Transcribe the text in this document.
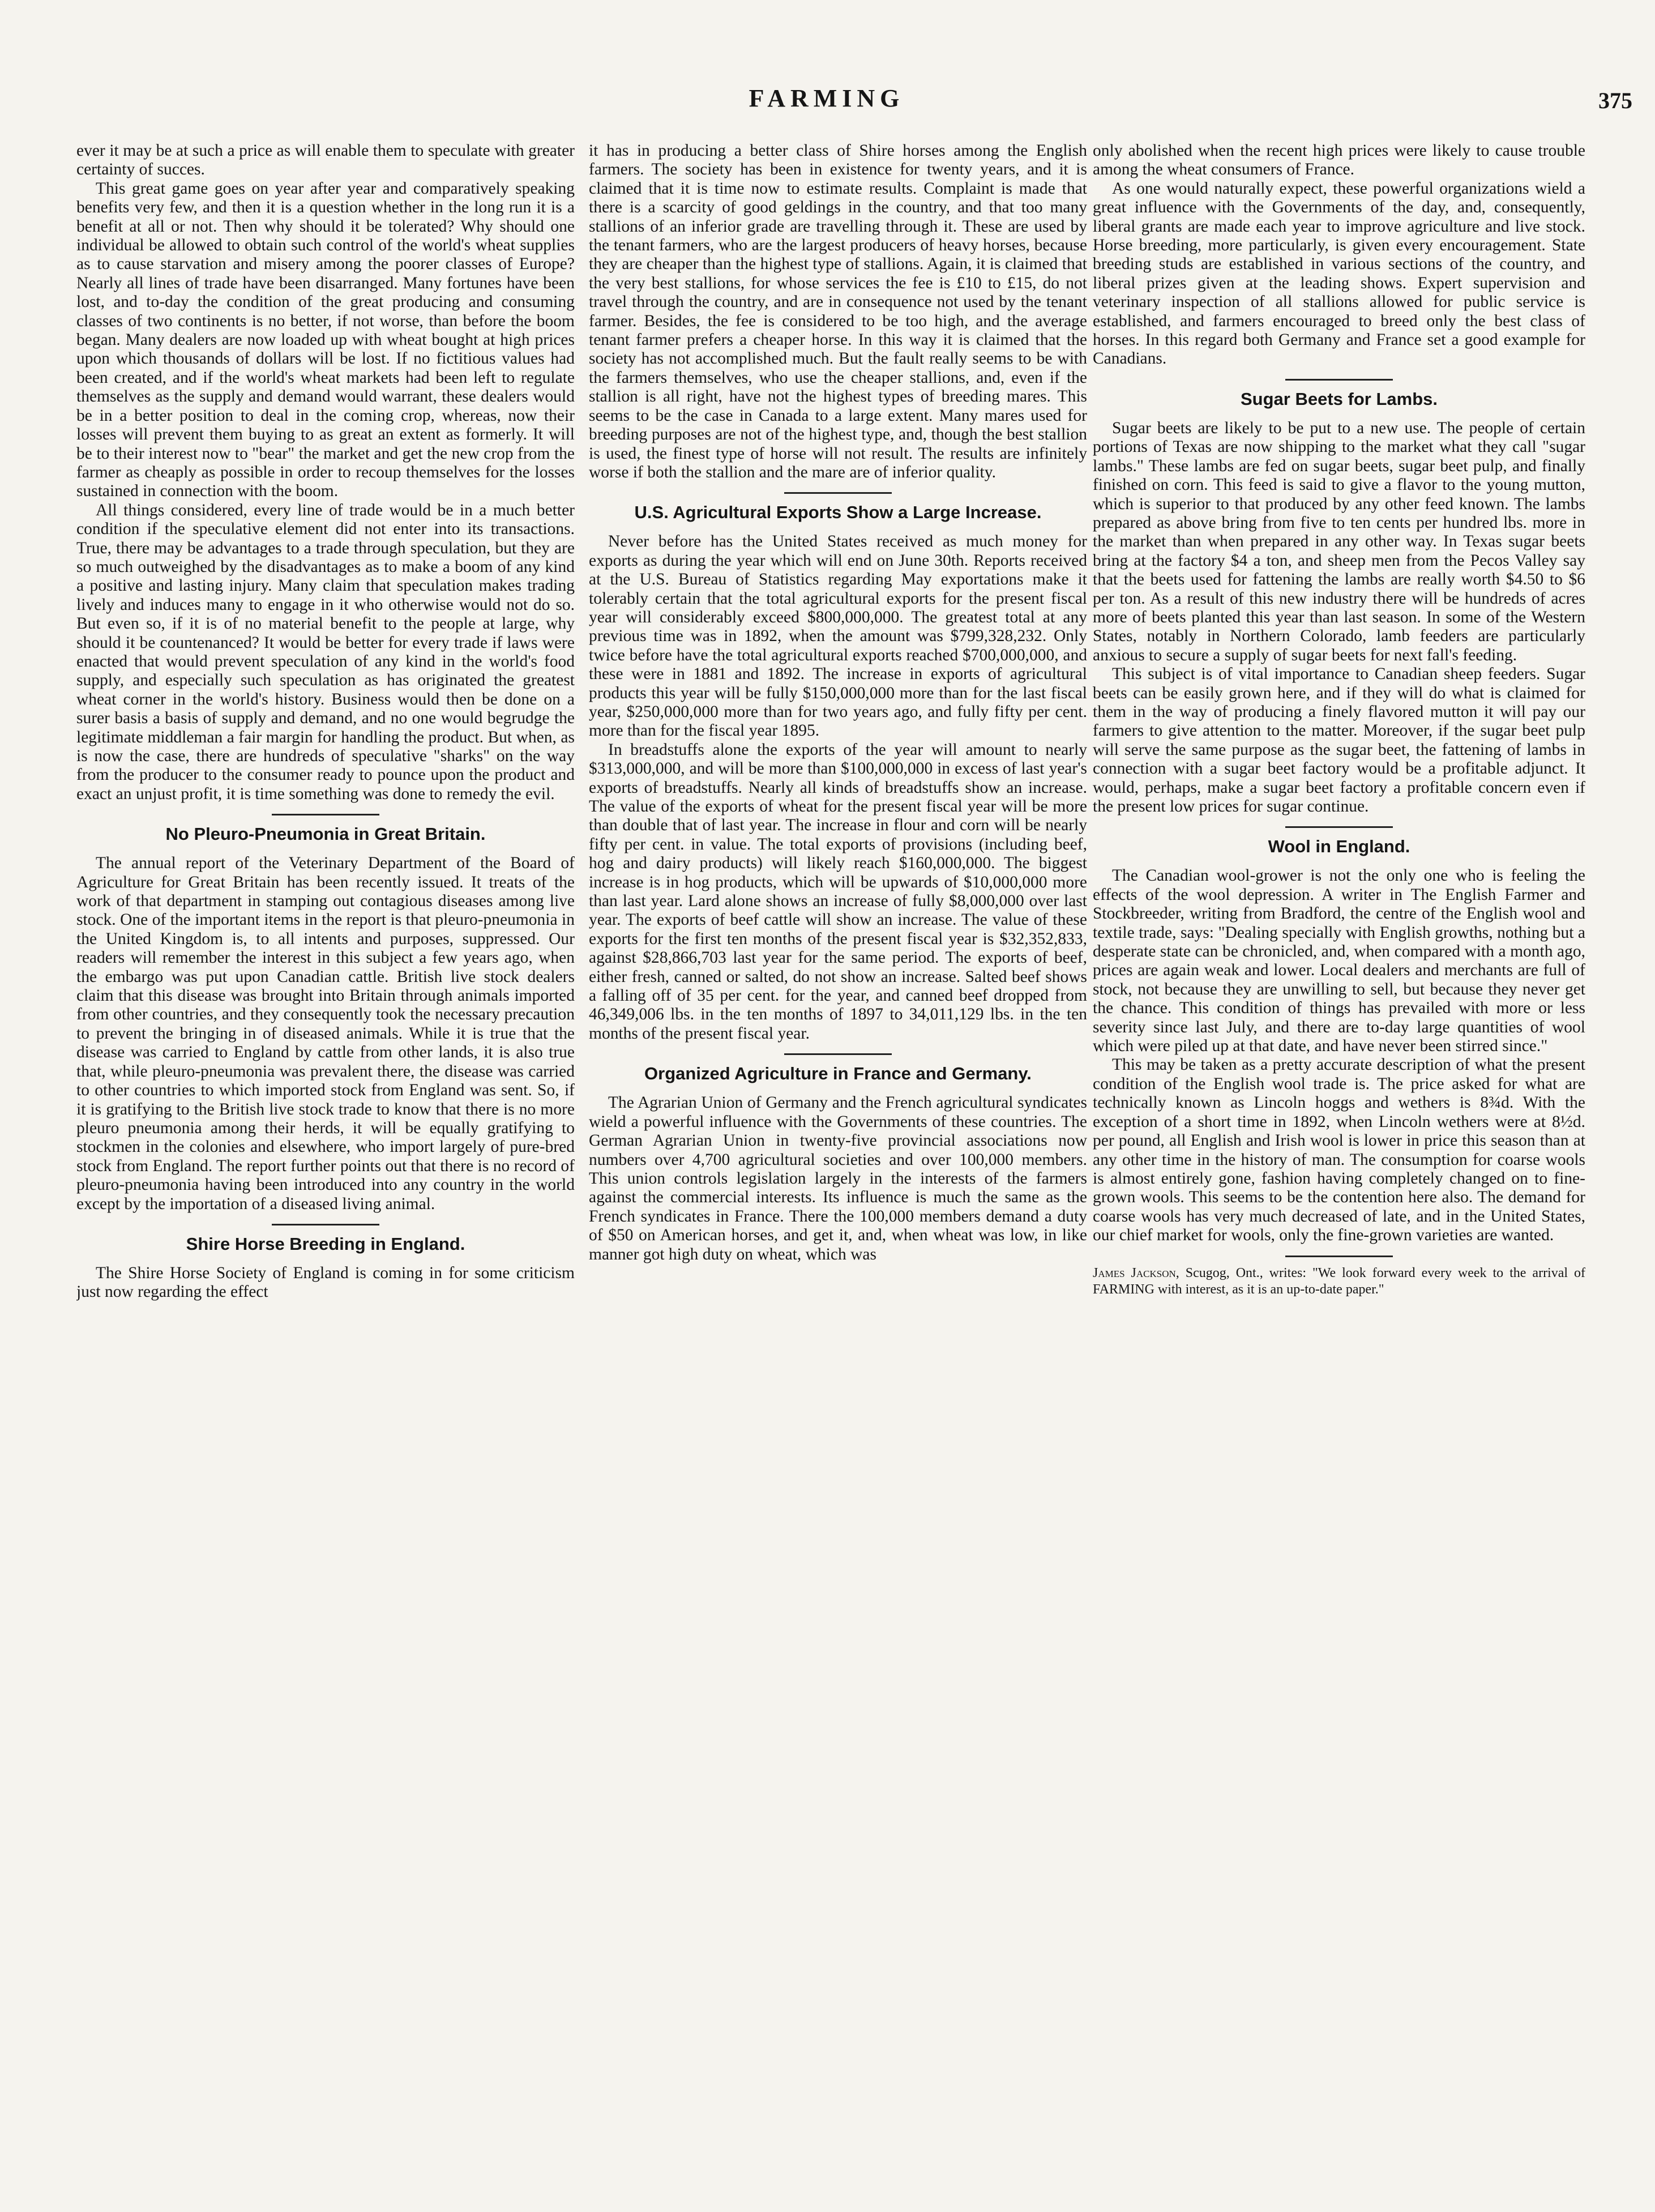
FARMING	375

ever it may be at such a price as will enable them to speculate with greater certainty of succes.

This great game goes on year after year and comparatively speaking benefits very few, and then it is a question whether in the long run it is a benefit at all or not. Then why should it be tolerated? Why should one individual be allowed to obtain such control of the world's wheat supplies as to cause starvation and misery among the poorer classes of Europe? Nearly all lines of trade have been disarranged. Many fortunes have been lost, and to-day the condition of the great producing and consuming classes of two continents is no better, if not worse, than before the boom began. Many dealers are now loaded up with wheat bought at high prices upon which thousands of dollars will be lost. If no fictitious values had been created, and if the world's wheat markets had been left to regulate themselves as the supply and demand would warrant, these dealers would be in a better position to deal in the coming crop, whereas, now their losses will prevent them buying to as great an extent as formerly. It will be to their interest now to "bear" the market and get the new crop from the farmer as cheaply as possible in order to recoup themselves for the losses sustained in connection with the boom.

All things considered, every line of trade would be in a much better condition if the speculative element did not enter into its transactions. True, there may be advantages to a trade through speculation, but they are so much outweighed by the disadvantages as to make a boom of any kind a positive and lasting injury. Many claim that speculation makes trading lively and induces many to engage in it who otherwise would not do so. But even so, if it is of no material benefit to the people at large, why should it be countenanced? It would be better for every trade if laws were enacted that would prevent speculation of any kind in the world's food supply, and especially such speculation as has originated the greatest wheat corner in the world's history. Business would then be done on a surer basis a basis of supply and demand, and no one would begrudge the legitimate middleman a fair margin for handling the product. But when, as is now the case, there are hundreds of speculative "sharks" on the way from the producer to the consumer ready to pounce upon the product and exact an unjust profit, it is time something was done to remedy the evil.

No Pleuro-Pneumonia in Great Britain.

The annual report of the Veterinary Department of the Board of Agriculture for Great Britain has been recently issued. It treats of the work of that department in stamping out contagious diseases among live stock. One of the important items in the report is that pleuro-pneumonia in the United Kingdom is, to all intents and purposes, suppressed. Our readers will remember the interest in this subject a few years ago, when the embargo was put upon Canadian cattle. British live stock dealers claim that this disease was brought into Britain through animals imported from other countries, and they consequently took the necessary precaution to prevent the bringing in of diseased animals. While it is true that the disease was carried to England by cattle from other lands, it is also true that, while pleuro-pneumonia was prevalent there, the disease was carried to other countries to which imported stock from England was sent. So, if it is gratifying to the British live stock trade to know that there is no more pleuro pneumonia among their herds, it will be equally gratifying to stockmen in the colonies and elsewhere, who import largely of pure-bred stock from England. The report further points out that there is no record of pleuro-pneumonia having been introduced into any country in the world except by the importation of a diseased living animal.

Shire Horse Breeding in England.

The Shire Horse Society of England is coming in for some criticism just now regarding the effect

it has in producing a better class of Shire horses among the English farmers. The society has been in existence for twenty years, and it is claimed that it is time now to estimate results. Complaint is made that there is a scarcity of good geldings in the country, and that too many stallions of an inferior grade are travelling through it. These are used by the tenant farmers, who are the largest producers of heavy horses, because they are cheaper than the highest type of stallions. Again, it is claimed that the very best stallions, for whose services the fee is £10 to £15, do not travel through the country, and are in consequence not used by the tenant farmer. Besides, the fee is considered to be too high, and the average tenant farmer prefers a cheaper horse. In this way it is claimed that the society has not accomplished much. But the fault really seems to be with the farmers themselves, who use the cheaper stallions, and, even if the stallion is all right, have not the highest types of breeding mares. This seems to be the case in Canada to a large extent. Many mares used for breeding purposes are not of the highest type, and, though the best stallion is used, the finest type of horse will not result. The results are infinitely worse if both the stallion and the mare are of inferior quality.

U.S. Agricultural Exports Show a Large Increase.

Never before has the United States received as much money for exports as during the year which will end on June 30th. Reports received at the U.S. Bureau of Statistics regarding May exportations make it tolerably certain that the total agricultural exports for the present fiscal year will considerably exceed $800,000,000. The greatest total at any previous time was in 1892, when the amount was $799,328,232. Only twice before have the total agricultural exports reached $700,000,000, and these were in 1881 and 1892. The increase in exports of agricultural products this year will be fully $150,000,000 more than for the last fiscal year, $250,000,000 more than for two years ago, and fully fifty per cent. more than for the fiscal year 1895.

In breadstuffs alone the exports of the year will amount to nearly $313,000,000, and will be more than $100,000,000 in excess of last year's exports of breadstuffs. Nearly all kinds of breadstuffs show an increase. The value of the exports of wheat for the present fiscal year will be more than double that of last year. The increase in flour and corn will be nearly fifty per cent. in value. The total exports of provisions (including beef, hog and dairy products) will likely reach $160,000,000. The biggest increase is in hog products, which will be upwards of $10,000,000 more than last year. Lard alone shows an increase of fully $8,000,000 over last year. The exports of beef cattle will show an increase. The value of these exports for the first ten months of the present fiscal year is $32,352,833, against $28,866,703 last year for the same period. The exports of beef, either fresh, canned or salted, do not show an increase. Salted beef shows a falling off of 35 per cent. for the year, and canned beef dropped from 46,349,006 lbs. in the ten months of 1897 to 34,011,129 lbs. in the ten months of the present fiscal year.

Organized Agriculture in France and Germany.

The Agrarian Union of Germany and the French agricultural syndicates wield a powerful influence with the Governments of these countries. The German Agrarian Union in twenty-five provincial associations now numbers over 4,700 agricultural societies and over 100,000 members. This union controls legislation largely in the interests of the farmers against the commercial interests. Its influence is much the same as the French syndicates in France. There the 100,000 members demand a duty of $50 on American horses, and get it, and, when wheat was low, in like manner got high duty on wheat, which was

only abolished when the recent high prices were likely to cause trouble among the wheat consumers of France.

As one would naturally expect, these powerful organizations wield a great influence with the Governments of the day, and, consequently, liberal grants are made each year to improve agriculture and live stock. Horse breeding, more particularly, is given every encouragement. State breeding studs are established in various sections of the country, and liberal prizes given at the leading shows. Expert supervision and veterinary inspection of all stallions allowed for public service is established, and farmers encouraged to breed only the best class of horses. In this regard both Germany and France set a good example for Canadians.

Sugar Beets for Lambs.

Sugar beets are likely to be put to a new use. The people of certain portions of Texas are now shipping to the market what they call "sugar lambs." These lambs are fed on sugar beets, sugar beet pulp, and finally finished on corn. This feed is said to give a flavor to the young mutton, which is superior to that produced by any other feed known. The lambs prepared as above bring from five to ten cents per hundred lbs. more in the market than when prepared in any other way. In Texas sugar beets bring at the factory $4 a ton, and sheep men from the Pecos Valley say that the beets used for fattening the lambs are really worth $4.50 to $6 per ton. As a result of this new industry there will be hundreds of acres more of beets planted this year than last season. In some of the Western States, notably in Northern Colorado, lamb feeders are particularly anxious to secure a supply of sugar beets for next fall's feeding.

This subject is of vital importance to Canadian sheep feeders. Sugar beets can be easily grown here, and if they will do what is claimed for them in the way of producing a finely flavored mutton it will pay our farmers to give attention to the matter. Moreover, if the sugar beet pulp will serve the same purpose as the sugar beet, the fattening of lambs in connection with a sugar beet factory would be a profitable adjunct. It would, perhaps, make a sugar beet factory a profitable concern even if the present low prices for sugar continue.

Wool in England.

The Canadian wool-grower is not the only one who is feeling the effects of the wool depression. A writer in The English Farmer and Stockbreeder, writing from Bradford, the centre of the English wool and textile trade, says: "Dealing specially with English growths, nothing but a desperate state can be chronicled, and, when compared with a month ago, prices are again weak and lower. Local dealers and merchants are full of stock, not because they are unwilling to sell, but because they never get the chance. This condition of things has prevailed with more or less severity since last July, and there are to-day large quantities of wool which were piled up at that date, and have never been stirred since."

This may be taken as a pretty accurate description of what the present condition of the English wool trade is. The price asked for what are technically known as Lincoln hoggs and wethers is 8¾d. With the exception of a short time in 1892, when Lincoln wethers were at 8½d. per pound, all English and Irish wool is lower in price this season than at any other time in the history of man. The consumption for coarse wools is almost entirely gone, fashion having completely changed on to fine-grown wools. This seems to be the contention here also. The demand for coarse wools has very much decreased of late, and in the United States, our chief market for wools, only the fine-grown varieties are wanted.

James Jackson, Scugog, Ont., writes: "We look forward every week to the arrival of FARMING with interest, as it is an up-to-date paper."
